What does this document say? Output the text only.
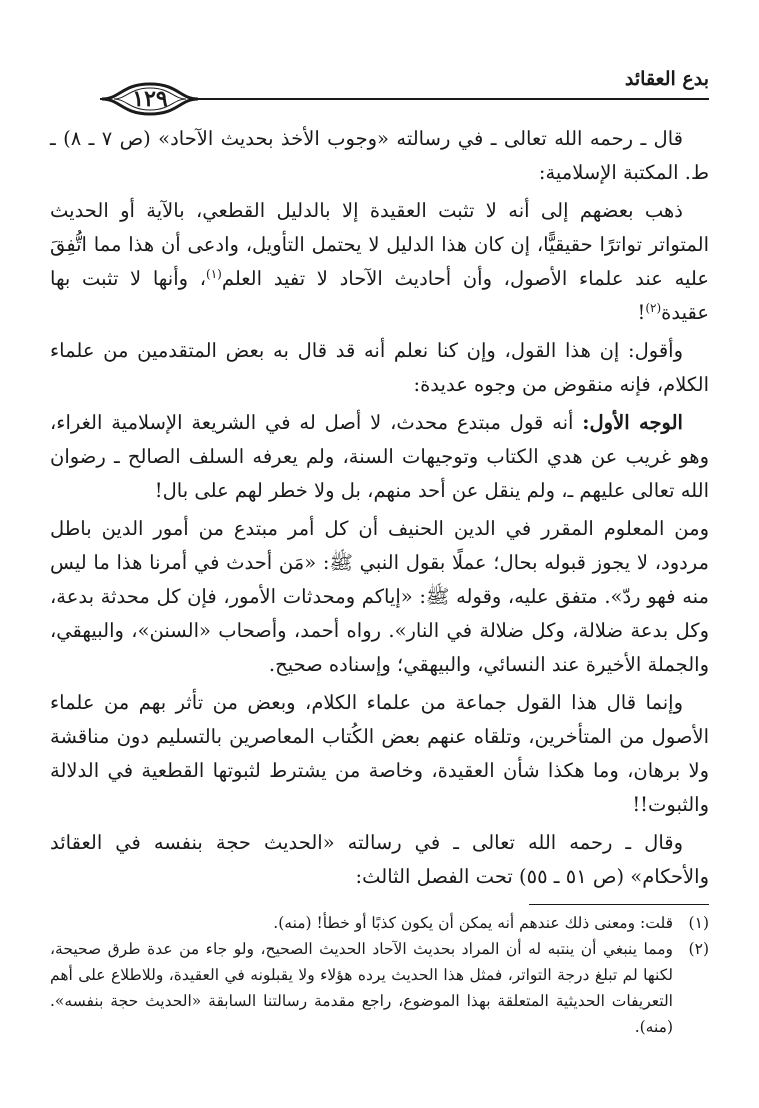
بدع العقائد
١٢٩

قال ـ رحمه الله تعالى ـ في رسالته «وجوب الأخذ بحديث الآحاد» (ص ٧ ـ ٨) ـ ط. المكتبة الإسلامية:

ذهب بعضهم إلى أنه لا تثبت العقيدة إلا بالدليل القطعي، بالآية أو الحديث المتواتر تواترًا حقيقيًّا، إن كان هذا الدليل لا يحتمل التأويل، وادعى أن هذا مما اتُّفِقَ عليه عند علماء الأصول، وأن أحاديث الآحاد لا تفيد العلم$^{(١)}$، وأنها لا تثبت بها عقيدة$^{(٢)}$!

وأقول: إن هذا القول، وإن كنا نعلم أنه قد قال به بعض المتقدمين من علماء الكلام، فإنه منقوض من وجوه عديدة:

الوجه الأول: أنه قول مبتدع محدث، لا أصل له في الشريعة الإسلامية الغراء، وهو غريب عن هدي الكتاب وتوجيهات السنة، ولم يعرفه السلف الصالح ـ رضوان الله تعالى عليهم ـ، ولم ينقل عن أحد منهم، بل ولا خطر لهم على بال!

ومن المعلوم المقرر في الدين الحنيف أن كل أمر مبتدع من أمور الدين باطل مردود، لا يجوز قبوله بحال؛ عملًا بقول النبي ﷺ: «مَن أحدث في أمرنا هذا ما ليس منه فهو ردّ». متفق عليه، وقوله ﷺ: «إياكم ومحدثات الأمور، فإن كل محدثة بدعة، وكل بدعة ضلالة، وكل ضلالة في النار». رواه أحمد، وأصحاب «السنن»، والبيهقي، والجملة الأخيرة عند النسائي، والبيهقي؛ وإسناده صحيح.

وإنما قال هذا القول جماعة من علماء الكلام، وبعض من تأثر بهم من علماء الأصول من المتأخرين، وتلقاه عنهم بعض الكُتاب المعاصرين بالتسليم دون مناقشة ولا برهان، وما هكذا شأن العقيدة، وخاصة من يشترط لثبوتها القطعية في الدلالة والثبوت!!

وقال ـ رحمه الله تعالى ـ في رسالته «الحديث حجة بنفسه في العقائد والأحكام» (ص ٥١ ـ ٥٥) تحت الفصل الثالث:

(١)
قلت: ومعنى ذلك عندهم أنه يمكن أن يكون كذبًا أو خطأ! (منه).
(٢)
ومما ينبغي أن ينتبه له أن المراد بحديث الآحاد الحديث الصحيح، ولو جاء من عدة طرق صحيحة، لكنها لم تبلغ درجة التواتر، فمثل هذا الحديث يرده هؤلاء ولا يقبلونه في العقيدة، وللاطلاع على أهم التعريفات الحديثية المتعلقة بهذا الموضوع، راجع مقدمة رسالتنا السابقة «الحديث حجة بنفسه». (منه).
